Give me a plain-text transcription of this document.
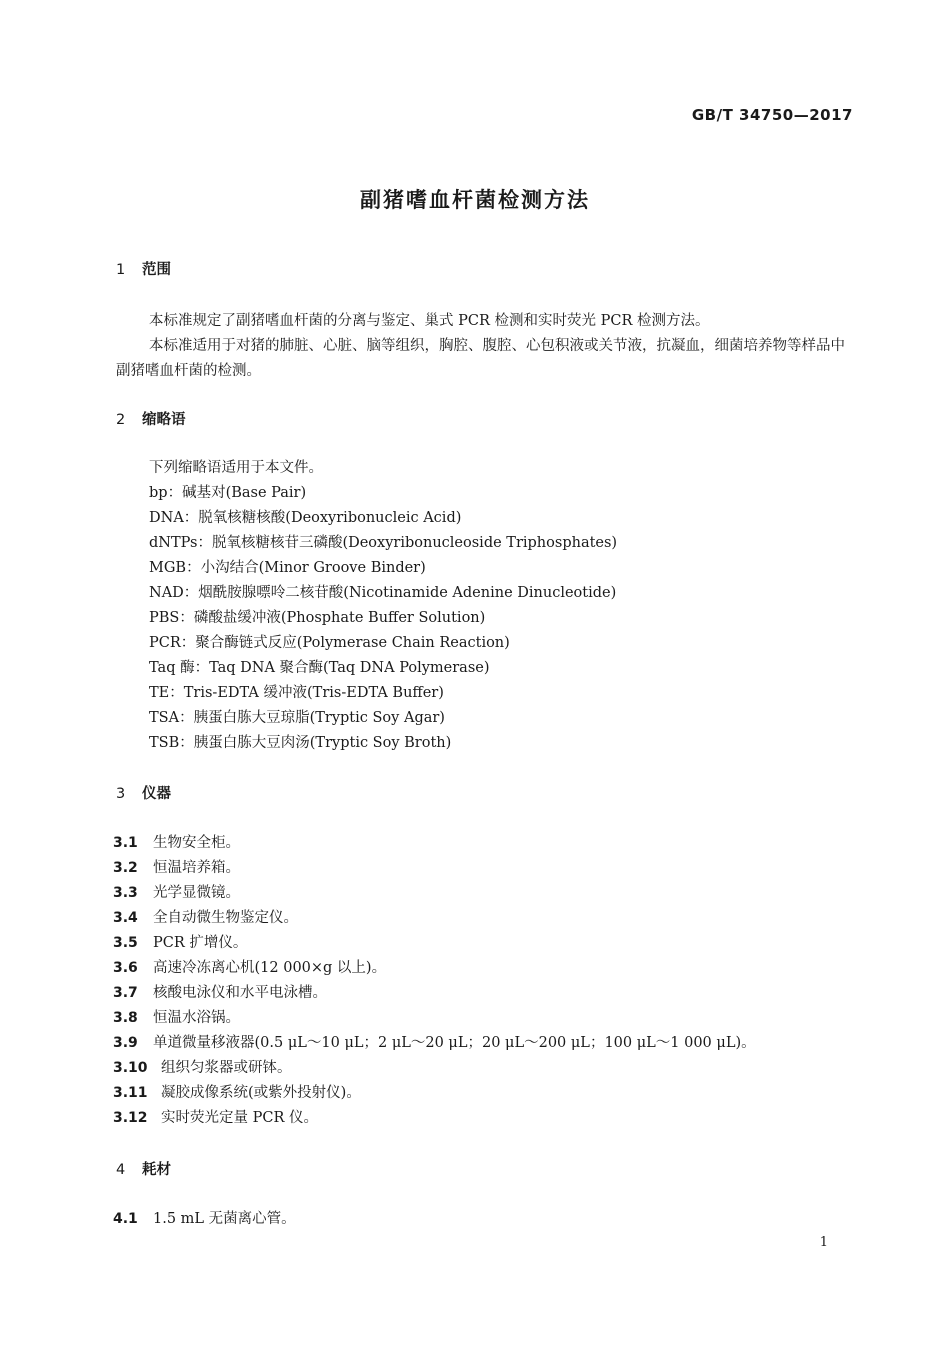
GB/T 34750—2017

副猪嗜血杆菌检测方法
1 范围

本标准规定了副猪嗜血杆菌的分离与鉴定、巢式 PCR 检测和实时荧光 PCR 检测方法。

本标准适用于对猪的肺脏、心脏、脑等组织，胸腔、腹腔、心包积液或关节液，抗凝血，细菌培养物等样品中副猪嗜血杆菌的检测。

2 缩略语

下列缩略语适用于本文件。

bp：碱基对(Base Pair)

DNA：脱氧核糖核酸(Deoxyribonucleic Acid)

dNTPs：脱氧核糖核苷三磷酸(Deoxyribonucleoside Triphosphates)

MGB：小沟结合(Minor Groove Binder)

NAD：烟酰胺腺嘌呤二核苷酸(Nicotinamide Adenine Dinucleotide)

PBS：磷酸盐缓冲液(Phosphate Buffer Solution)

PCR：聚合酶链式反应(Polymerase Chain Reaction)

Taq 酶：Taq DNA 聚合酶(Taq DNA Polymerase)

TE：Tris-EDTA 缓冲液(Tris-EDTA Buffer)

TSA：胰蛋白胨大豆琼脂(Tryptic Soy Agar)

TSB：胰蛋白胨大豆肉汤(Tryptic Soy Broth)

3 仪器

3.1 生物安全柜。

3.2 恒温培养箱。

3.3 光学显微镜。

3.4 全自动微生物鉴定仪。

3.5 PCR 扩增仪。

3.6 高速冷冻离心机(12 000×g 以上)。

3.7 核酸电泳仪和水平电泳槽。

3.8 恒温水浴锅。

3.9 单道微量移液器(0.5 μL～10 μL；2 μL～20 μL；20 μL～200 μL；100 μL～1 000 μL)。

3.10 组织匀浆器或研钵。

3.11 凝胶成像系统(或紫外投射仪)。

3.12 实时荧光定量 PCR 仪。

4 耗材

4.1 1.5 mL 无菌离心管。

1
